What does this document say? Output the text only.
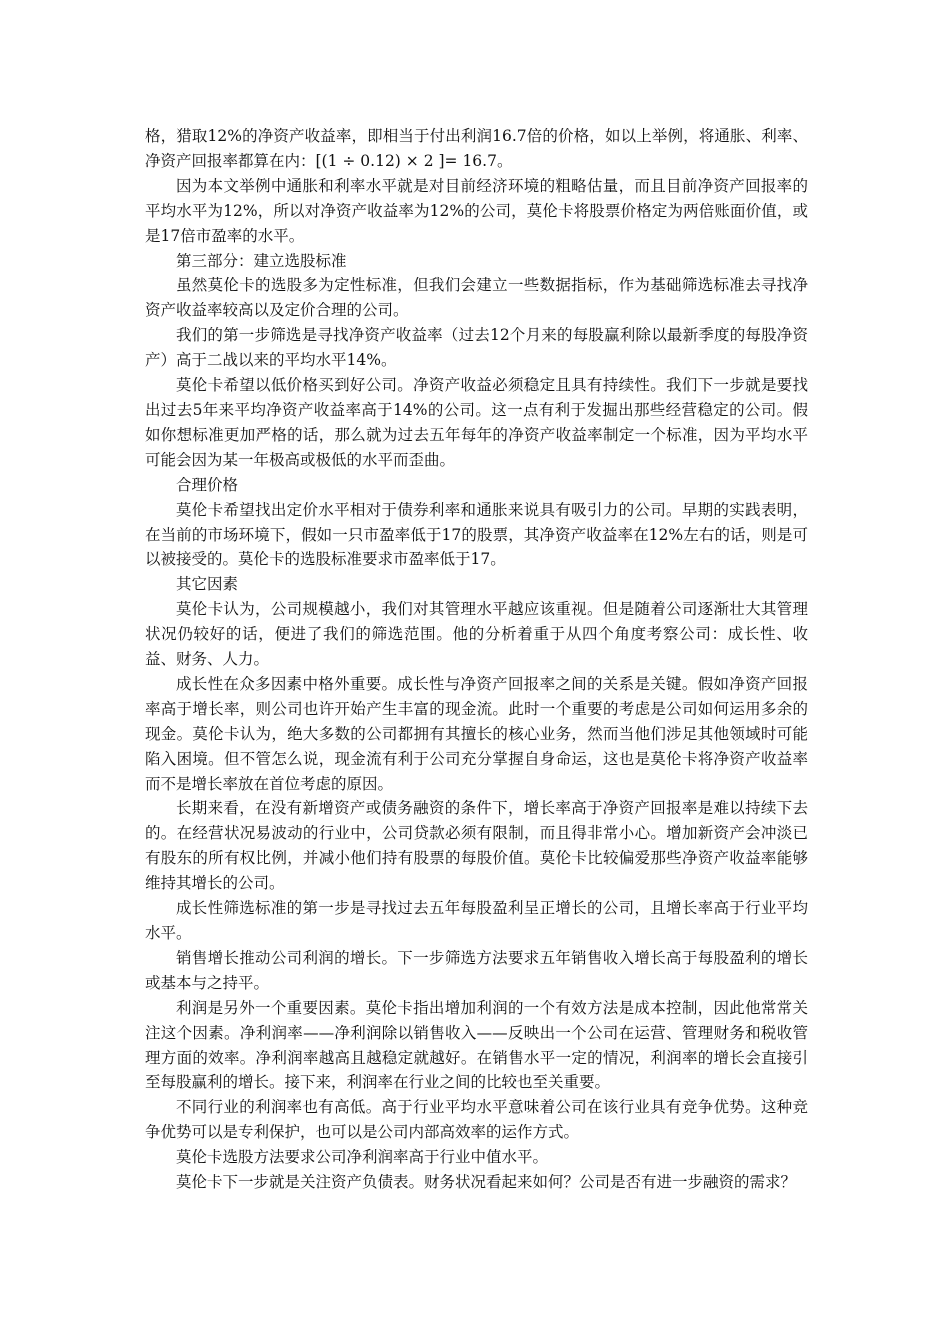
格，猎取12%的净资产收益率，即相当于付出利润16.7倍的价格，如以上举例，将通胀、利率、净资产回报率都算在内：[(1 ÷ 0.12) × 2 ]= 16.7。

因为本文举例中通胀和利率水平就是对目前经济环境的粗略估量，而且目前净资产回报率的平均水平为12%，所以对净资产收益率为12%的公司，莫伦卡将股票价格定为两倍账面价值，或是17倍市盈率的水平。

第三部分：建立选股标准

虽然莫伦卡的选股多为定性标准，但我们会建立一些数据指标，作为基础筛选标准去寻找净资产收益率较高以及定价合理的公司。

我们的第一步筛选是寻找净资产收益率（过去12个月来的每股赢利除以最新季度的每股净资产）高于二战以来的平均水平14%。

莫伦卡希望以低价格买到好公司。净资产收益必须稳定且具有持续性。我们下一步就是要找出过去5年来平均净资产收益率高于14%的公司。这一点有利于发掘出那些经营稳定的公司。假如你想标准更加严格的话，那么就为过去五年每年的净资产收益率制定一个标准，因为平均水平可能会因为某一年极高或极低的水平而歪曲。

合理价格

莫伦卡希望找出定价水平相对于债券利率和通胀来说具有吸引力的公司。早期的实践表明，在当前的市场环境下，假如一只市盈率低于17的股票，其净资产收益率在12%左右的话，则是可以被接受的。莫伦卡的选股标准要求市盈率低于17。

其它因素

莫伦卡认为，公司规模越小，我们对其管理水平越应该重视。但是随着公司逐渐壮大其管理状况仍较好的话，便进了我们的筛选范围。他的分析着重于从四个角度考察公司：成长性、收益、财务、人力。

成长性在众多因素中格外重要。成长性与净资产回报率之间的关系是关键。假如净资产回报率高于增长率，则公司也许开始产生丰富的现金流。此时一个重要的考虑是公司如何运用多余的现金。莫伦卡认为，绝大多数的公司都拥有其擅长的核心业务，然而当他们涉足其他领域时可能陷入困境。但不管怎么说，现金流有利于公司充分掌握自身命运，这也是莫伦卡将净资产收益率而不是增长率放在首位考虑的原因。

长期来看，在没有新增资产或债务融资的条件下，增长率高于净资产回报率是难以持续下去的。在经营状况易波动的行业中，公司贷款必须有限制，而且得非常小心。增加新资产会冲淡已有股东的所有权比例，并减小他们持有股票的每股价值。莫伦卡比较偏爱那些净资产收益率能够维持其增长的公司。

成长性筛选标准的第一步是寻找过去五年每股盈利呈正增长的公司，且增长率高于行业平均水平。

销售增长推动公司利润的增长。下一步筛选方法要求五年销售收入增长高于每股盈利的增长或基本与之持平。

利润是另外一个重要因素。莫伦卡指出增加利润的一个有效方法是成本控制，因此他常常关注这个因素。净利润率——净利润除以销售收入——反映出一个公司在运营、管理财务和税收管理方面的效率。净利润率越高且越稳定就越好。在销售水平一定的情况，利润率的增长会直接引至每股赢利的增长。接下来，利润率在行业之间的比较也至关重要。

不同行业的利润率也有高低。高于行业平均水平意味着公司在该行业具有竞争优势。这种竞争优势可以是专利保护，也可以是公司内部高效率的运作方式。

莫伦卡选股方法要求公司净利润率高于行业中值水平。

莫伦卡下一步就是关注资产负债表。财务状况看起来如何？公司是否有进一步融资的需求？
